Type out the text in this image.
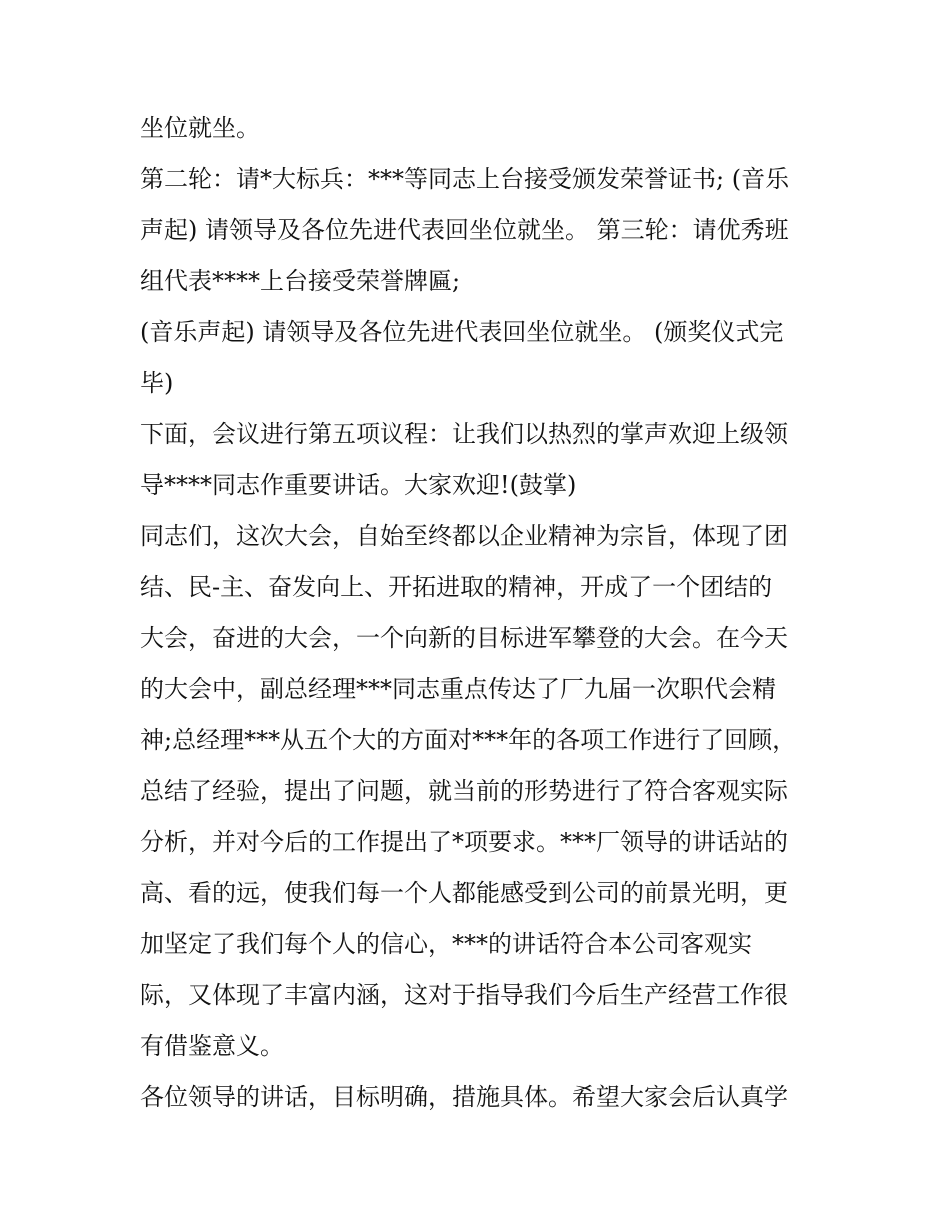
坐位就坐。
第二轮：请*大标兵：***等同志上台接受颁发荣誉证书; (音乐
声起) 请领导及各位先进代表回坐位就坐。 第三轮：请优秀班
组代表****上台接受荣誉牌匾;
(音乐声起) 请领导及各位先进代表回坐位就坐。 (颁奖仪式完
毕)
下面，会议进行第五项议程：让我们以热烈的掌声欢迎上级领
导****同志作重要讲话。大家欢迎!(鼓掌)
同志们，这次大会，自始至终都以企业精神为宗旨，体现了团
结、民-主、奋发向上、开拓进取的精神，开成了一个团结的
大会，奋进的大会，一个向新的目标进军攀登的大会。在今天
的大会中，副总经理***同志重点传达了厂九届一次职代会精
神;总经理***从五个大的方面对***年的各项工作进行了回顾，
总结了经验，提出了问题，就当前的形势进行了符合客观实际
分析，并对今后的工作提出了*项要求。***厂领导的讲话站的
高、看的远，使我们每一个人都能感受到公司的前景光明，更
加坚定了我们每个人的信心，***的讲话符合本公司客观实
际，又体现了丰富内涵，这对于指导我们今后生产经营工作很
有借鉴意义。
各位领导的讲话，目标明确，措施具体。希望大家会后认真学
